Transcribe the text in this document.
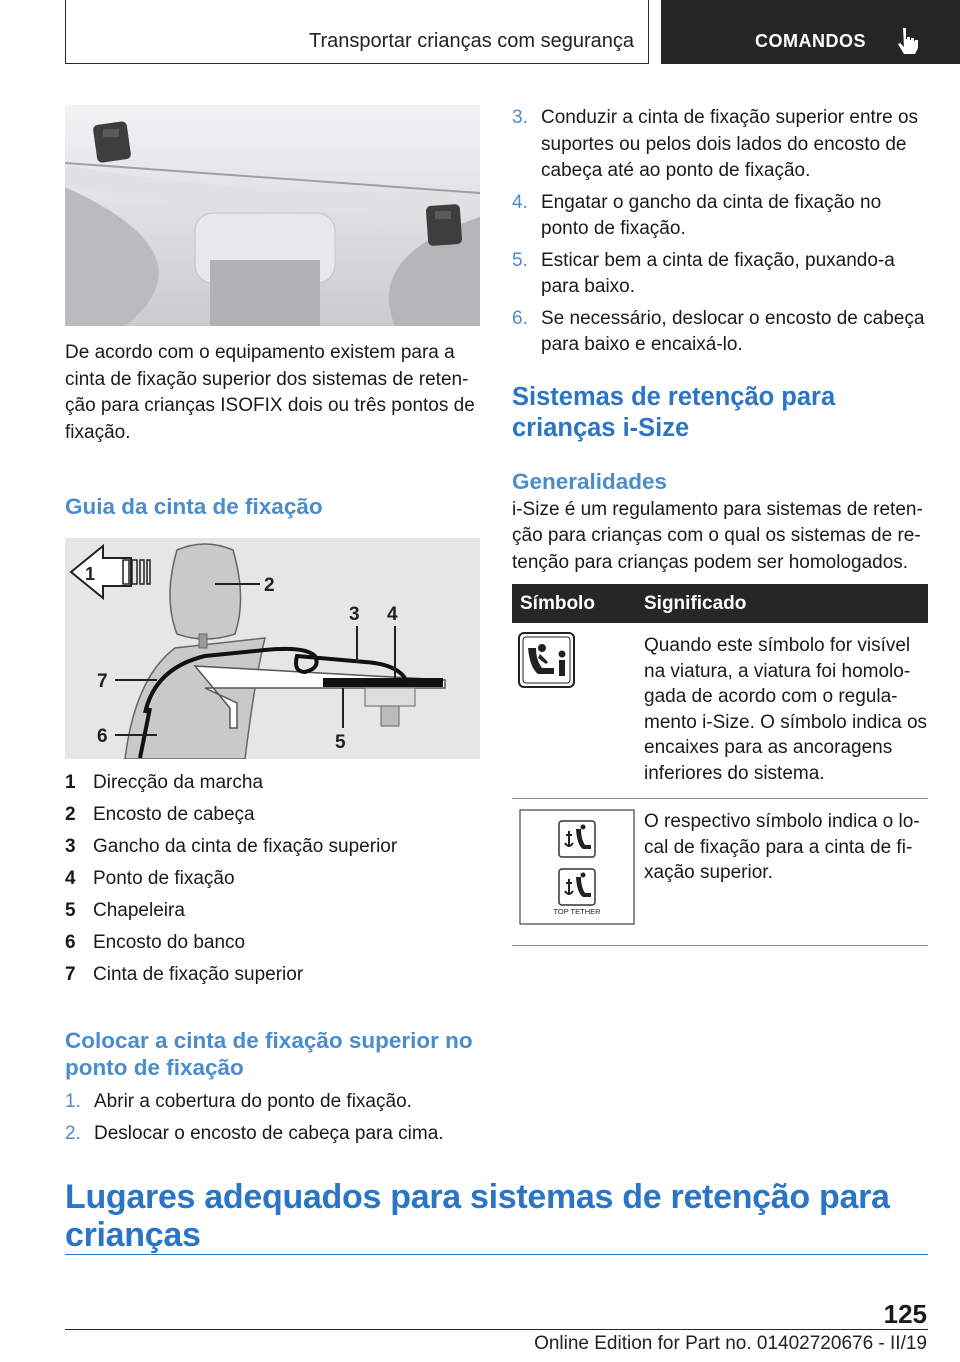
Transportar crianças com segurança	COMANDOS

De acordo com o equipamento existem para a cinta de fixação superior dos sistemas de retenção para crianças ISOFIX dois ou três pontos de fixação.

Guia da cinta de fixação
1
2
3 4
5
6
7
1 Direcção da marcha
2 Encosto de cabeça
3 Gancho da cinta de fixação superior
4 Ponto de fixação
5 Chapeleira
6 Encosto do banco
7 Cinta de fixação superior
Colocar a cinta de fixação superior no ponto de fixação
1. Abrir a cobertura do ponto de fixação.
2. Deslocar o encosto de cabeça para cima.
3. Conduzir a cinta de fixação superior entre os suportes ou pelos dois lados do encosto de cabeça até ao ponto de fixação.
4. Engatar o gancho da cinta de fixação no ponto de fixação.
5. Esticar bem a cinta de fixação, puxando-a para baixo.
6. Se necessário, deslocar o encosto de cabeça para baixo e encaixá-lo.
Sistemas de retenção para crianças i-Size
Generalidades

i-Size é um regulamento para sistemas de retenção para crianças com o qual os sistemas de retenção para crianças podem ser homologados.

Símbolo	Significado
	Quando este símbolo for visível na viatura, a viatura foi homologada de acordo com o regulamento i-Size. O símbolo indica os encaixes para as ancoragens inferiores do sistema.

TOP TETHER	O respectivo símbolo indica o local de fixação para a cinta de fixação superior.
Lugares adequados para sistemas de retenção para crianças
125
Online Edition for Part no. 01402720676 - II/19
